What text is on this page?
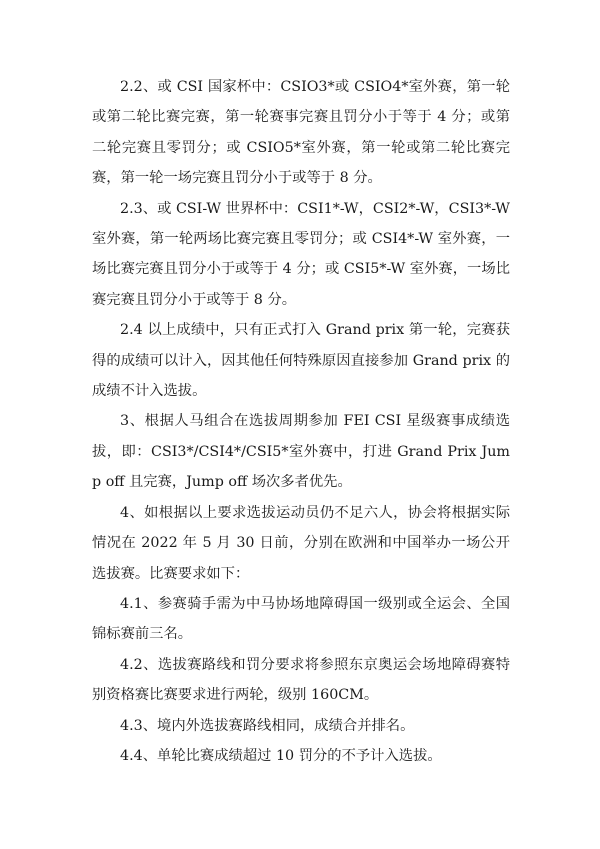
2.2、或 CSI 国家杯中：CSIO3*或 CSIO4*室外赛，第一轮或第二轮比赛完赛，第一轮赛事完赛且罚分小于等于 4 分；或第二轮完赛且零罚分；或 CSIO5*室外赛，第一轮或第二轮比赛完赛，第一轮一场完赛且罚分小于或等于 8 分。

2.3、或 CSI-W 世界杯中：CSI1*-W，CSI2*-W，CSI3*-W 室外赛，第一轮两场比赛完赛且零罚分；或 CSI4*-W 室外赛，一场比赛完赛且罚分小于或等于 4 分；或 CSI5*-W 室外赛，一场比赛完赛且罚分小于或等于 8 分。

2.4 以上成绩中，只有正式打入 Grand prix 第一轮，完赛获得的成绩可以计入，因其他任何特殊原因直接参加 Grand prix 的成绩不计入选拔。

3、根据人马组合在选拔周期参加 FEI CSI 星级赛事成绩选拔，即：CSI3*/CSI4*/CSI5*室外赛中，打进 Grand Prix Jump off 且完赛，Jump off 场次多者优先。

4、如根据以上要求选拔运动员仍不足六人，协会将根据实际情况在 2022 年 5 月 30 日前，分别在欧洲和中国举办一场公开选拔赛。比赛要求如下：

4.1、参赛骑手需为中马协场地障碍国一级别或全运会、全国锦标赛前三名。

4.2、选拔赛路线和罚分要求将参照东京奥运会场地障碍赛特别资格赛比赛要求进行两轮，级别 160CM。

4.3、境内外选拔赛路线相同，成绩合并排名。

4.4、单轮比赛成绩超过 10 罚分的不予计入选拔。
